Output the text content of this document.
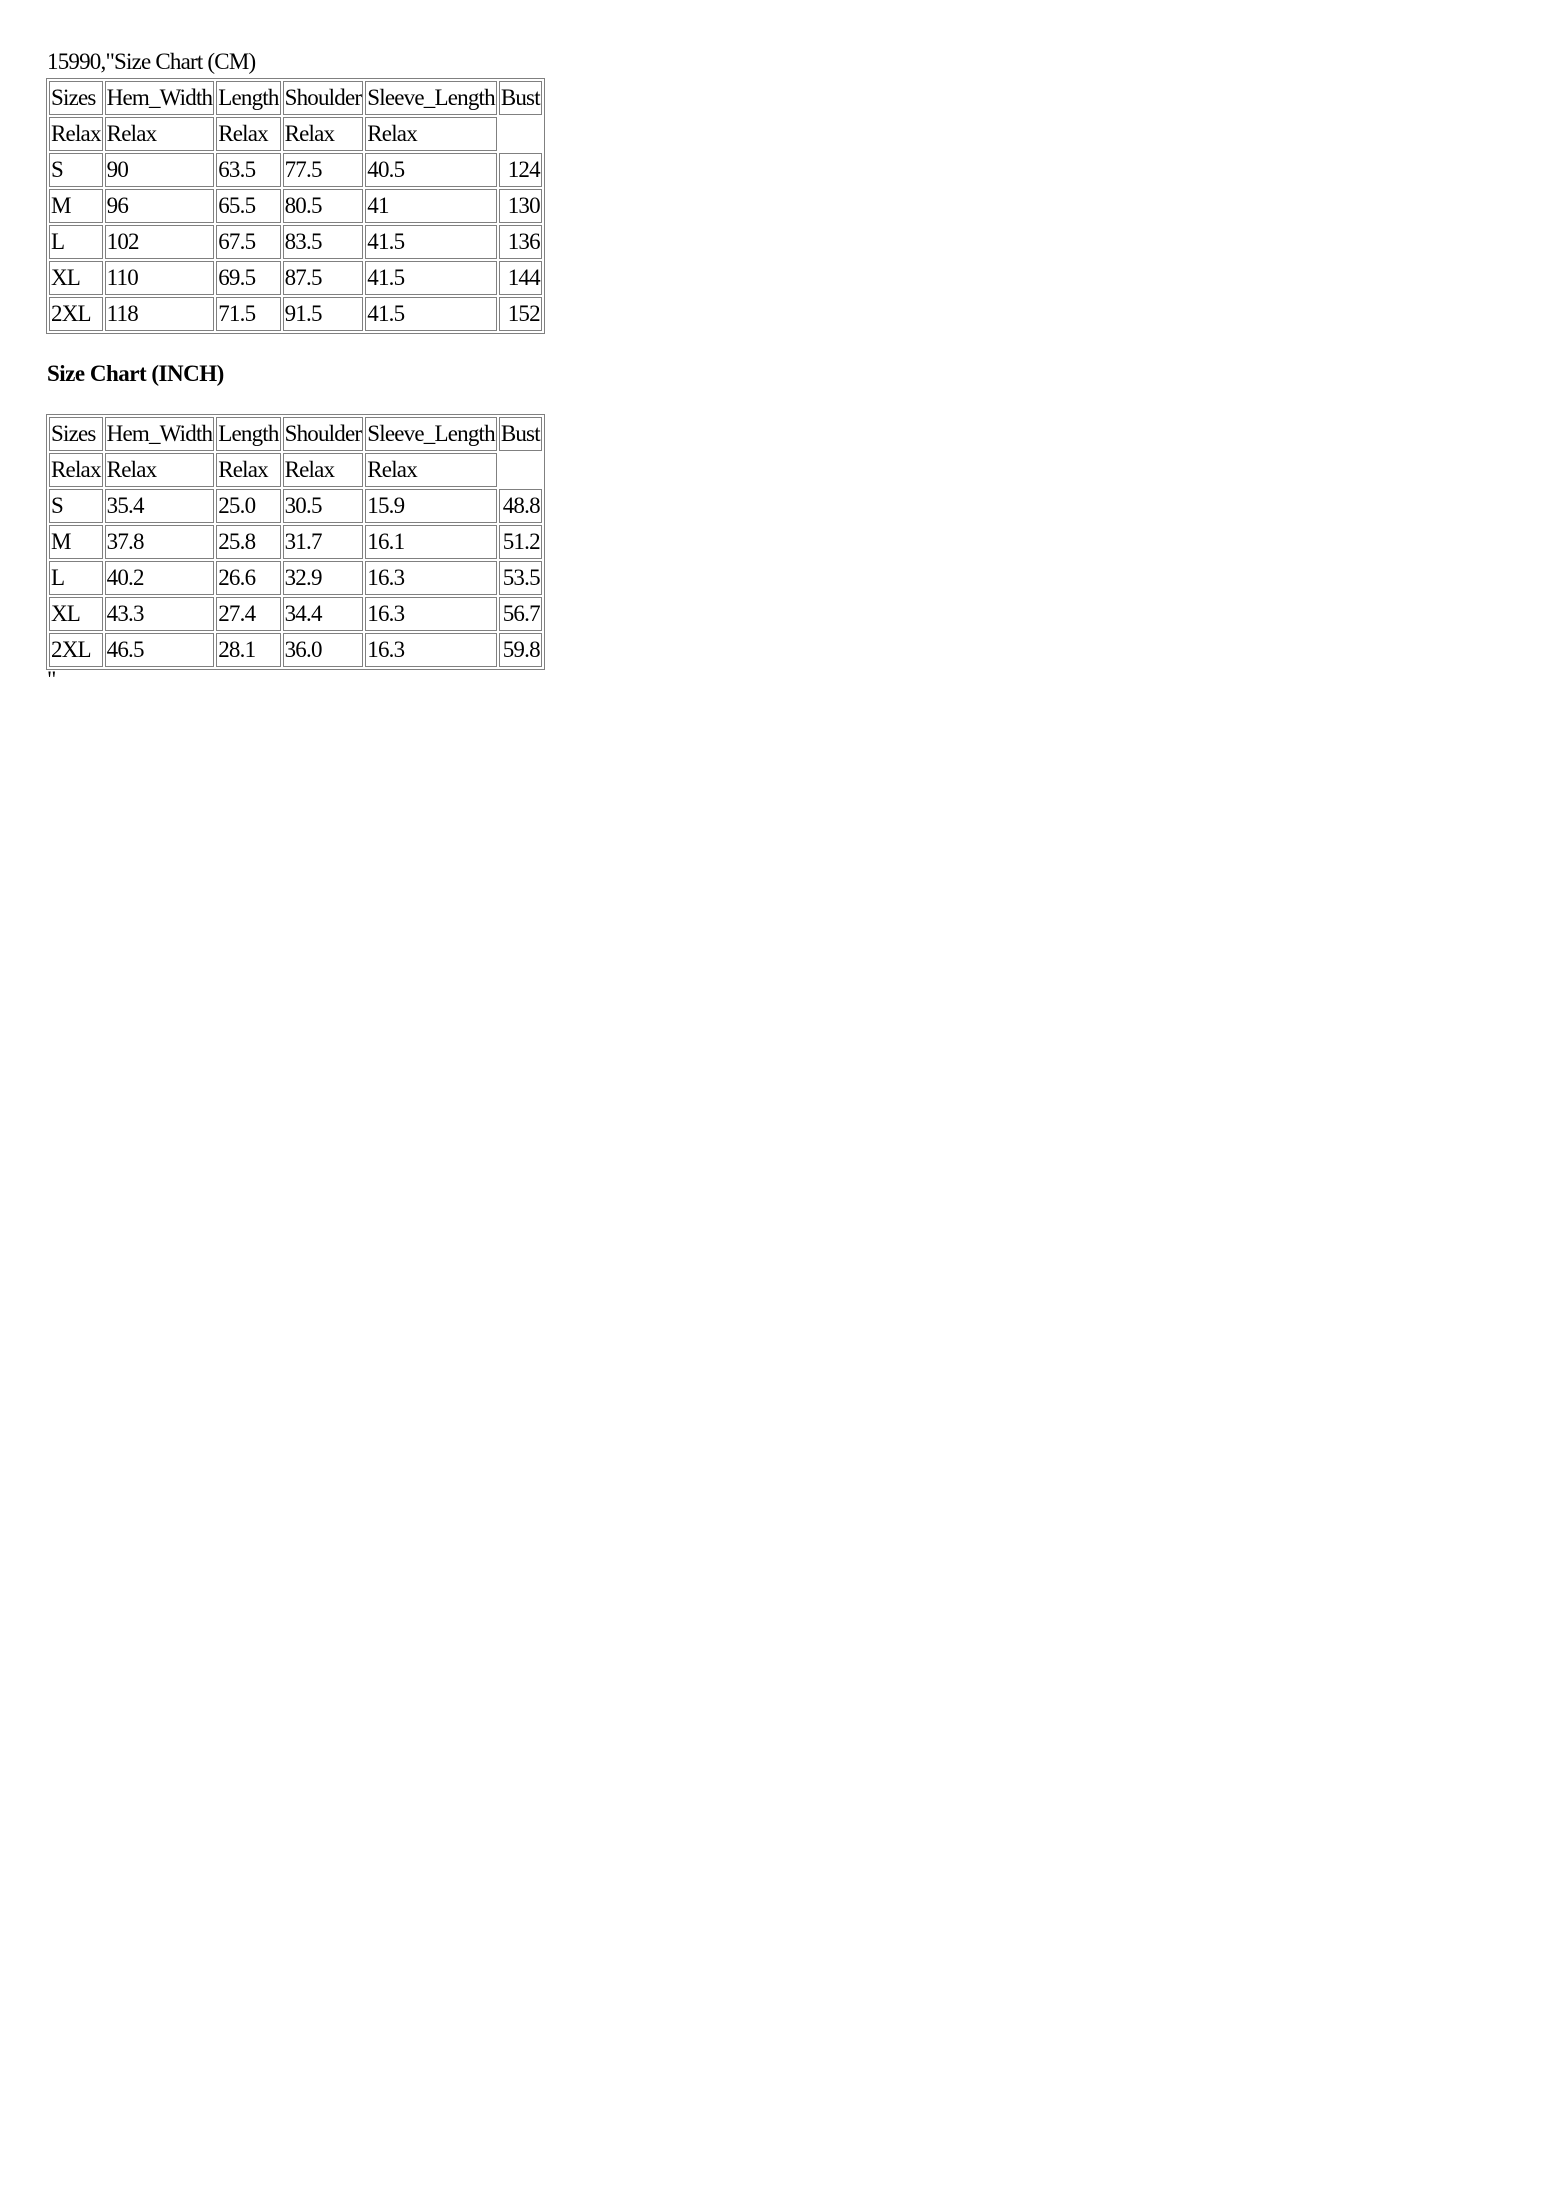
15990,"Size Chart (CM)
Sizes	Hem_Width	Length	Shoulder	Sleeve_Length	Bust
Relax	Relax	Relax	Relax	Relax	
S	90	63.5	77.5	40.5	124
M	96	65.5	80.5	41	130
L	102	67.5	83.5	41.5	136
XL	110	69.5	87.5	41.5	144
2XL	118	71.5	91.5	41.5	152
Size Chart (INCH)
Sizes	Hem_Width	Length	Shoulder	Sleeve_Length	Bust
Relax	Relax	Relax	Relax	Relax	
S	35.4	25.0	30.5	15.9	48.8
M	37.8	25.8	31.7	16.1	51.2
L	40.2	26.6	32.9	16.3	53.5
XL	43.3	27.4	34.4	16.3	56.7
2XL	46.5	28.1	36.0	16.3	59.8
"
